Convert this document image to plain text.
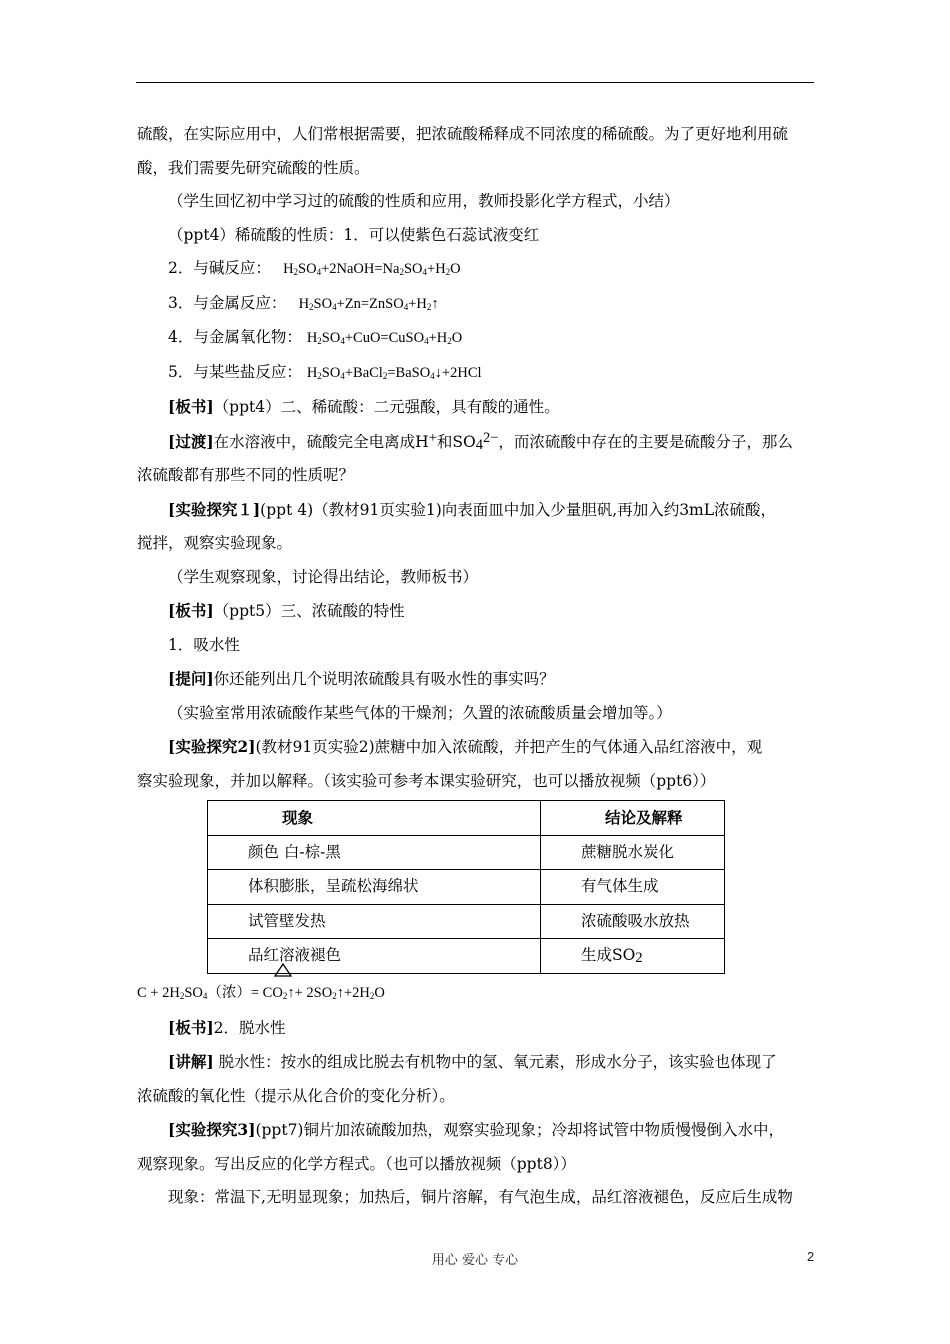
硫酸，在实际应用中，人们常根据需要，把浓硫酸稀释成不同浓度的稀硫酸。为了更好地利用硫

酸，我们需要先研究硫酸的性质。

（学生回忆初中学习过的硫酸的性质和应用，教师投影化学方程式，小结）

（ppt4）稀硫酸的性质：1．可以使紫色石蕊试液变红

2．与碱反应：   $H_2SO_4+2NaOH=Na_2SO_4+H_2O$

3．与金属反应：   $H_2SO_4+Zn=ZnSO_4+H_2↑$

4．与金属氧化物： $H_2SO_4+CuO=CuSO_4+H_2O$

5．与某些盐反应： $H_2SO_4+BaCl_2=BaSO_4↓+2HCl$

[板书]（ppt4）二、稀硫酸：二元强酸，具有酸的通性。

[过渡]在水溶液中，硫酸完全电离成H+和$SO_4^{2-}$，而浓硫酸中存在的主要是硫酸分子，那么

浓硫酸都有那些不同的性质呢？

[实验探究１](ppt 4)（教材91页实验1)向表面皿中加入少量胆矾,再加入约3mL浓硫酸，

搅拌，观察实验现象。

（学生观察现象，讨论得出结论，教师板书）

[板书]（ppt5）三、浓硫酸的特性

1．吸水性

[提问]你还能列出几个说明浓硫酸具有吸水性的事实吗？

（实验室常用浓硫酸作某些气体的干燥剂；久置的浓硫酸质量会增加等。）

[实验探究2](教材91页实验2)蔗糖中加入浓硫酸，并把产生的气体通入品红溶液中，观

察实验现象，并加以解释。（该实验可参考本课实验研究，也可以播放视频（ppt6））

现象	结论及解释
颜色 白-棕-黑	蔗糖脱水炭化
体积膨胀，呈疏松海绵状	有气体生成
试管壁发热	浓硫酸吸水放热
品红溶液褪色	生成$SO_2$

$C + 2H_2SO_4$（浓）= $CO_2$
↑+ $2SO_2↑+2H_2O$

[板书]2．脱水性

[讲解] 脱水性：按水的组成比脱去有机物中的氢、氧元素，形成水分子，该实验也体现了

浓硫酸的氧化性（提示从化合价的变化分析）。

[实验探究3](ppt7)铜片加浓硫酸加热，观察实验现象；冷却将试管中物质慢慢倒入水中，

观察现象。写出反应的化学方程式。（也可以播放视频（ppt8））

现象：常温下,无明显现象；加热后，铜片溶解，有气泡生成，品红溶液褪色，反应后生成物

用心 爱心 专心	2
